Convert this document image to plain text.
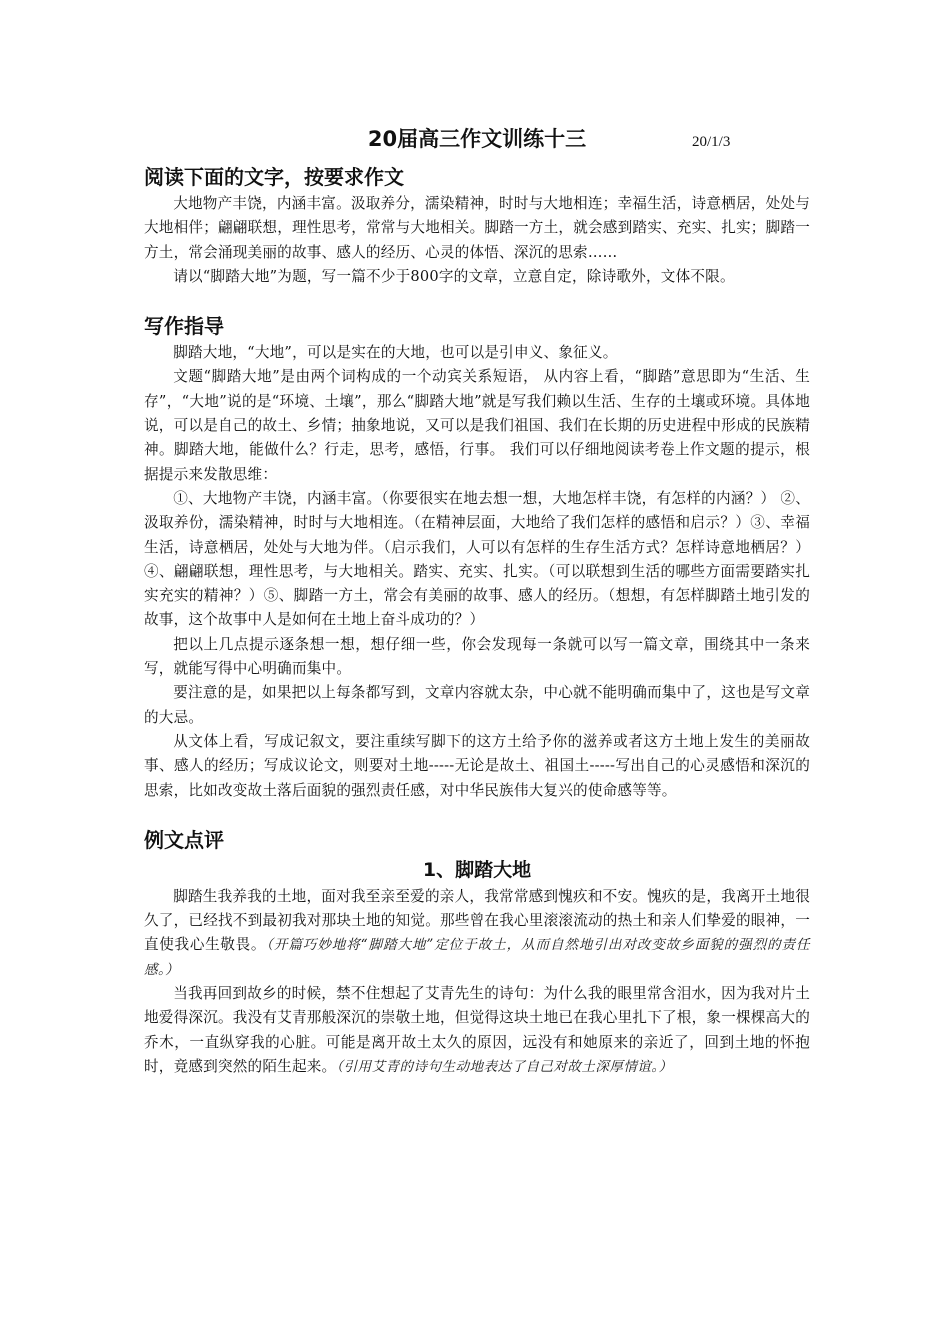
20届高三作文训练十三	20/1/3
阅读下面的文字，按要求作文

大地物产丰饶，内涵丰富。汲取养分，濡染精神，时时与大地相连；幸福生活，诗意栖居，处处与大地相伴；翩翩联想，理性思考，常常与大地相关。脚踏一方土，就会感到踏实、充实、扎实；脚踏一方土，常会涌现美丽的故事、感人的经历、心灵的体悟、深沉的思索……

请以“脚踏大地”为题，写一篇不少于800字的文章，立意自定，除诗歌外，文体不限。

写作指导

脚踏大地，“大地”，可以是实在的大地，也可以是引申义、象征义。

文题“脚踏大地”是由两个词构成的一个动宾关系短语， 从内容上看，“脚踏”意思即为“生活、生存”，“大地”说的是“环境、土壤”，那么“脚踏大地”就是写我们赖以生活、生存的土壤或环境。具体地说，可以是自己的故土、乡情；抽象地说，又可以是我们祖国、我们在长期的历史进程中形成的民族精神。脚踏大地，能做什么？行走，思考，感悟，行事。 我们可以仔细地阅读考卷上作文题的提示，根据提示来发散思维：

①、大地物产丰饶，内涵丰富。（你要很实在地去想一想，大地怎样丰饶，有怎样的内涵？） ②、汲取养份，濡染精神，时时与大地相连。（在精神层面，大地给了我们怎样的感悟和启示？）③、幸福生活，诗意栖居，处处与大地为伴。（启示我们，人可以有怎样的生存生活方式？怎样诗意地栖居？）④、翩翩联想，理性思考，与大地相关。踏实、充实、扎实。（可以联想到生活的哪些方面需要踏实扎实充实的精神？）⑤、脚踏一方土，常会有美丽的故事、感人的经历。（想想，有怎样脚踏土地引发的故事，这个故事中人是如何在土地上奋斗成功的？）

把以上几点提示逐条想一想，想仔细一些，你会发现每一条就可以写一篇文章，围绕其中一条来写，就能写得中心明确而集中。

要注意的是，如果把以上每条都写到，文章内容就太杂，中心就不能明确而集中了，这也是写文章的大忌。

从文体上看，写成记叙文，要注重续写脚下的这方土给予你的滋养或者这方土地上发生的美丽故事、感人的经历；写成议论文，则要对土地-----无论是故土、祖国土-----写出自己的心灵感悟和深沉的思索，比如改变故土落后面貌的强烈责任感，对中华民族伟大复兴的使命感等等。

例文点评
1、脚踏大地

脚踏生我养我的土地，面对我至亲至爱的亲人，我常常感到愧疚和不安。愧疚的是，我离开土地很久了，已经找不到最初我对那块土地的知觉。那些曾在我心里滚滚流动的热土和亲人们挚爱的眼神，一直使我心生敬畏。（开篇巧妙地将“脚踏大地”定位于故土，从而自然地引出对改变故乡面貌的强烈的责任感。）

当我再回到故乡的时候，禁不住想起了艾青先生的诗句：为什么我的眼里常含泪水，因为我对片土地爱得深沉。我没有艾青那般深沉的崇敬土地，但觉得这块土地已在我心里扎下了根，象一棵棵高大的乔木，一直纵穿我的心脏。可能是离开故土太久的原因，远没有和她原来的亲近了，回到土地的怀抱时，竟感到突然的陌生起来。（引用艾青的诗句生动地表达了自己对故土深厚情谊。）
